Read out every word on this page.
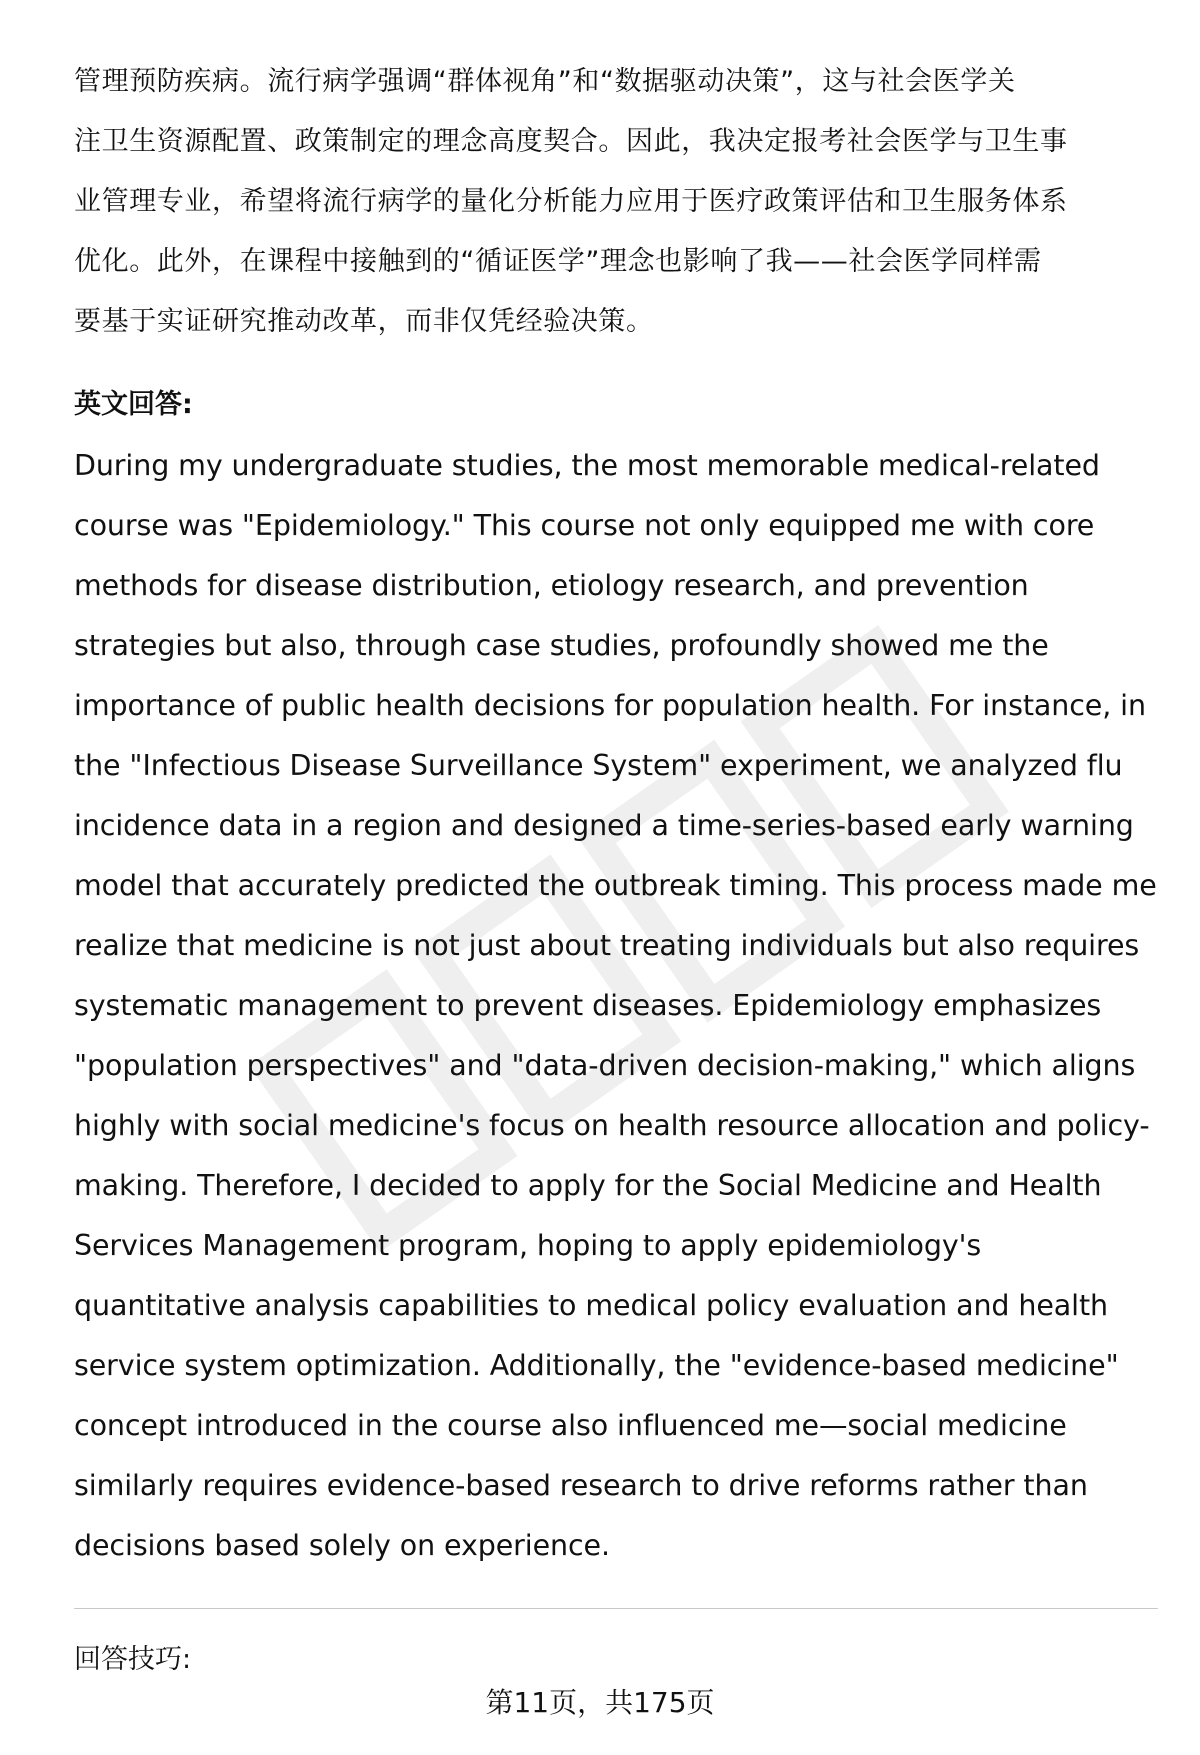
管理预防疾病。流行病学强调“群体视角”和“数据驱动决策”，这与社会医学关
注卫生资源配置、政策制定的理念高度契合。因此，我决定报考社会医学与卫生事
业管理专业，希望将流行病学的量化分析能力应用于医疗政策评估和卫生服务体系
优化。此外，在课程中接触到的“循证医学”理念也影响了我——社会医学同样需
要基于实证研究推动改革，而非仅凭经验决策。
英文回答:
During my undergraduate studies, the most memorable medical-related
course was "Epidemiology." This course not only equipped me with core
methods for disease distribution, etiology research, and prevention
strategies but also, through case studies, profoundly showed me the
importance of public health decisions for population health. For instance, in
the "Infectious Disease Surveillance System" experiment, we analyzed flu
incidence data in a region and designed a time-series-based early warning
model that accurately predicted the outbreak timing. This process made me
realize that medicine is not just about treating individuals but also requires
systematic management to prevent diseases. Epidemiology emphasizes
"population perspectives" and "data-driven decision-making," which aligns
highly with social medicine's focus on health resource allocation and policy-
making. Therefore, I decided to apply for the Social Medicine and Health
Services Management program, hoping to apply epidemiology's
quantitative analysis capabilities to medical policy evaluation and health
service system optimization. Additionally, the "evidence-based medicine"
concept introduced in the course also influenced me—social medicine
similarly requires evidence-based research to drive reforms rather than
decisions based solely on experience.
回答技巧:
第11页，共175页
